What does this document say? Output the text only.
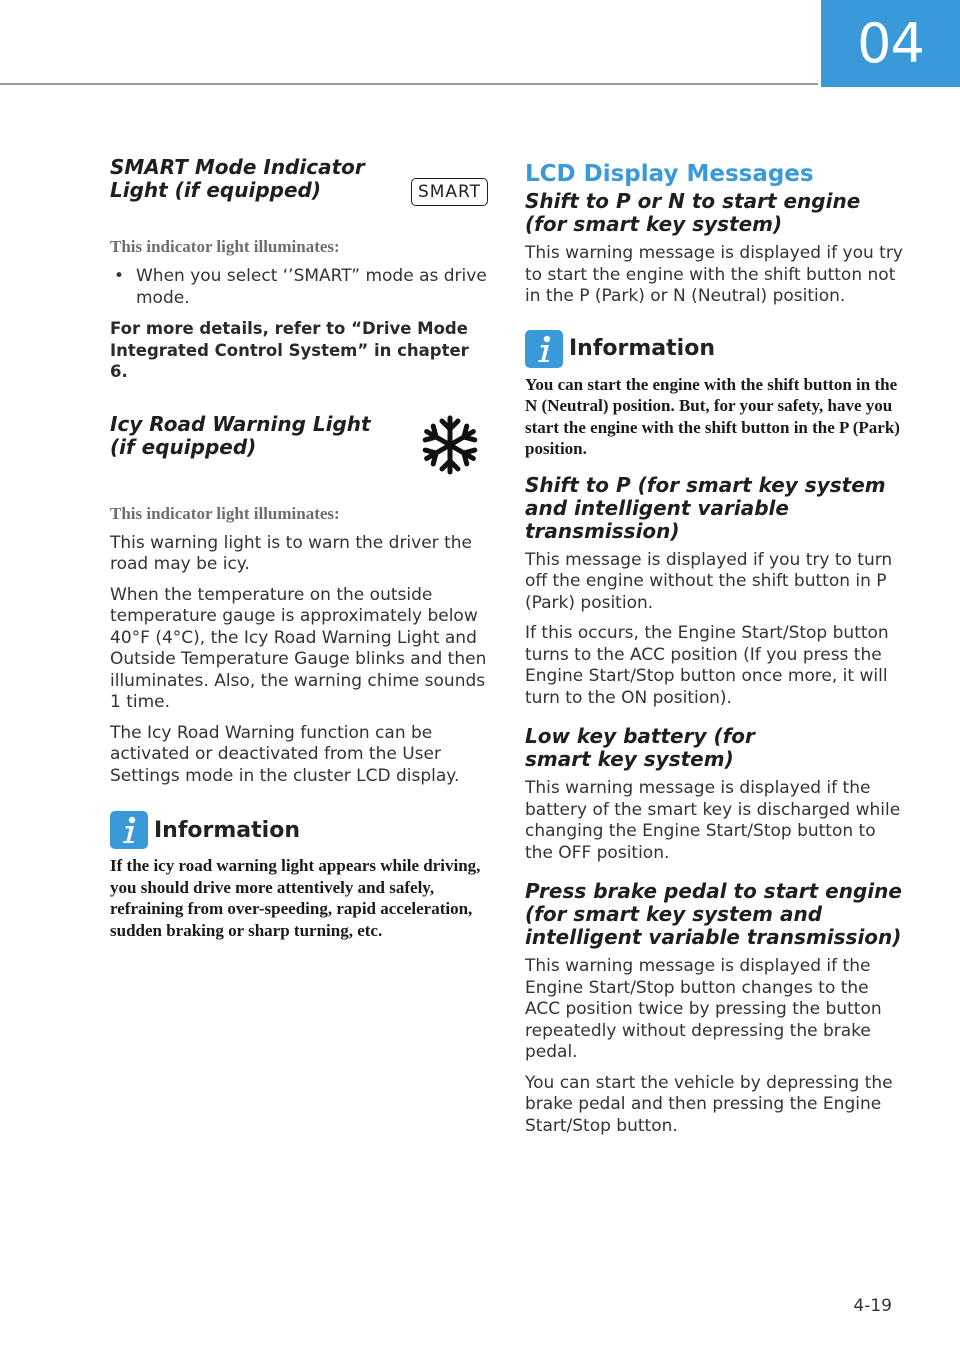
04
SMART Mode Indicator Light (if equipped)	SMART

This indicator light illuminates:

• When you select ‘’SMART” mode as drive mode.

For more details, refer to “Drive Mode Integrated Control System” in chapter 6.

Icy Road Warning Light (if equipped)

This indicator light illuminates:

This warning light is to warn the driver the road may be icy.

When the temperature on the outside temperature gauge is approximately below 40°F (4°C), the Icy Road Warning Light and Outside Temperature Gauge blinks and then illuminates. Also, the warning chime sounds 1 time.

The Icy Road Warning function can be activated or deactivated from the User Settings mode in the cluster LCD display.

Information

If the icy road warning light appears while driving, you should drive more attentively and safely, refraining from over-speeding, rapid acceleration, sudden braking or sharp turning, etc.

LCD Display Messages
Shift to P or N to start engine (for smart key system)

This warning message is displayed if you try to start the engine with the shift button not in the P (Park) or N (Neutral) position.

Information

You can start the engine with the shift button in the N (Neutral) position. But, for your safety, have you start the engine with the shift button in the P (Park) position.

Shift to P (for smart key system and intelligent variable transmission)

This message is displayed if you try to turn off the engine without the shift button in P (Park) position.

If this occurs, the Engine Start/Stop button turns to the ACC position (If you press the Engine Start/Stop button once more, it will turn to the ON position).

Low key battery (for smart key system)

This warning message is displayed if the battery of the smart key is discharged while changing the Engine Start/Stop button to the OFF position.

Press brake pedal to start engine (for smart key system and intelligent variable transmission)

This warning message is displayed if the Engine Start/Stop button changes to the ACC position twice by pressing the button repeatedly without depressing the brake pedal.

You can start the vehicle by depressing the brake pedal and then pressing the Engine Start/Stop button.

4-19
